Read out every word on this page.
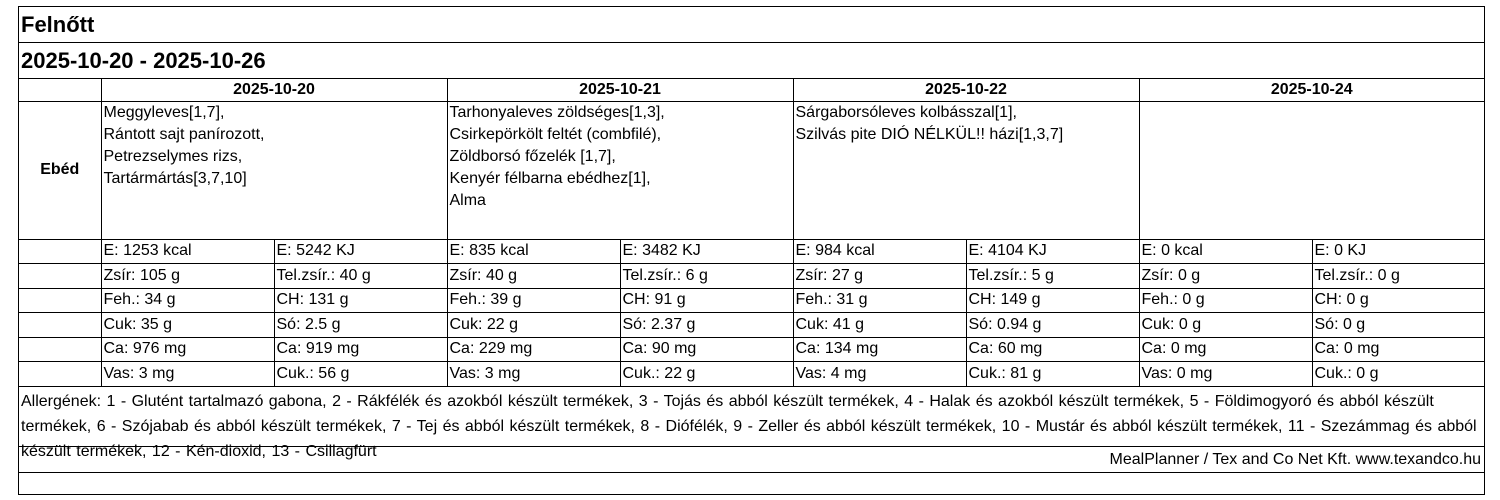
Felnőtt
2025-10-20 - 2025-10-26
	2025-10-20		2025-10-21		2025-10-22		2025-10-24	
Ebéd	Meggyleves[1,7],
Rántott sajt panírozott,
Petrezselymes rizs,
Tartármártás[3,7,10]		Tarhonyaleves zöldséges[1,3],
Csirkepörkölt feltét (combfilé),
Zöldborsó főzelék [1,7],
Kenyér félbarna ebédhez[1],
Alma		Sárgaborsóleves kolbásszal[1],
Szilvás pite DIÓ NÉLKÜL!! házi[1,3,7]			

	E: 1253 kcal	E: 5242 KJ	E: 835 kcal	E: 3482 KJ	E: 984 kcal	E: 4104 KJ	E: 0 kcal	E: 0 KJ
	Zsír: 105 g	Tel.zsír.: 40 g	Zsír: 40 g	Tel.zsír.: 6 g	Zsír: 27 g	Tel.zsír.: 5 g	Zsír: 0 g	Tel.zsír.: 0 g
	Feh.: 34 g	CH: 131 g	Feh.: 39 g	CH: 91 g	Feh.: 31 g	CH: 149 g	Feh.: 0 g	CH: 0 g
	Cuk: 35 g	Só: 2.5 g	Cuk: 22 g	Só: 2.37 g	Cuk: 41 g	Só: 0.94 g	Cuk: 0 g	Só: 0 g
	Ca: 976 mg	Ca: 919 mg	Ca: 229 mg	Ca: 90 mg	Ca: 134 mg	Ca: 60 mg	Ca: 0 mg	Ca: 0 mg
	Vas: 3 mg	Cuk.: 56 g	Vas: 3 mg	Cuk.: 22 g	Vas: 4 mg	Cuk.: 81 g	Vas: 0 mg	Cuk.: 0 g
Allergének: 1 - Glutént tartalmazó gabona, 2 - Rákfélék és azokból készült termékek, 3 - Tojás és abból készült termékek, 4 - Halak és azokból készült termékek, 5 - Földimogyoró és abból készült termékek, 6 - Szójabab és abból készült termékek, 7 - Tej és abból készült termékek, 8 - Diófélék, 9 - Zeller és abból készült termékek, 10 - Mustár és abból készült termékek, 11 - Szezámmag és abból készült termékek, 12 - Kén-dioxid, 13 - Csillagfürt	MealPlanner / Tex and Co Net Kft. www.texandco.hu
